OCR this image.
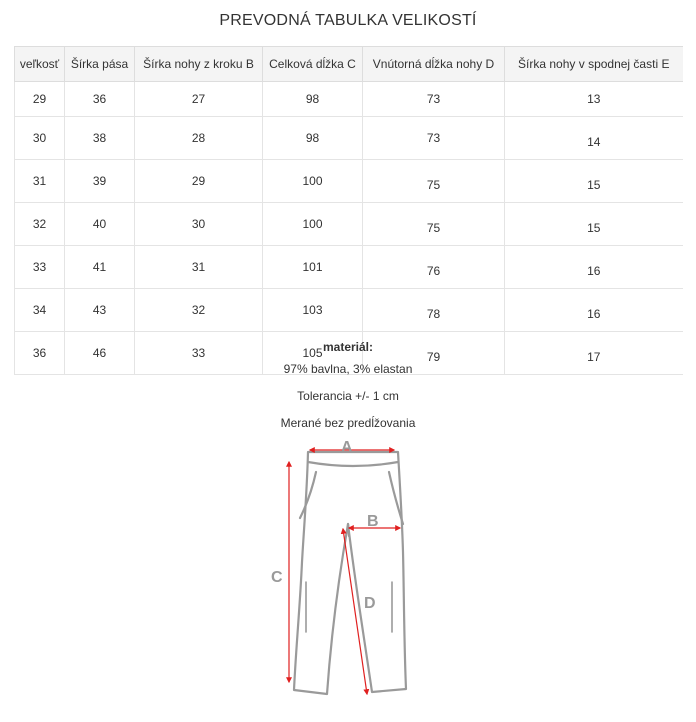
PREVODNÁ TABULKA VELIKOSTÍ
veľkosť	Šírka pása	Šírka nohy z kroku B	Celková dĺžka C	Vnútorná dĺžka nohy D	Šírka nohy v spodnej časti E
29	36	27	98	73	13
30	38	28	98	73	14
31	39	29	100	75	15
32	40	30	100	75	15
33	41	31	101	76	16
34	43	32	103	78	16
36	46	33	105	79	17
materiál:
97% bavlna, 3% elastan
Tolerancia +/- 1 cm
Merané bez predĺžovania
A
B
C
D
